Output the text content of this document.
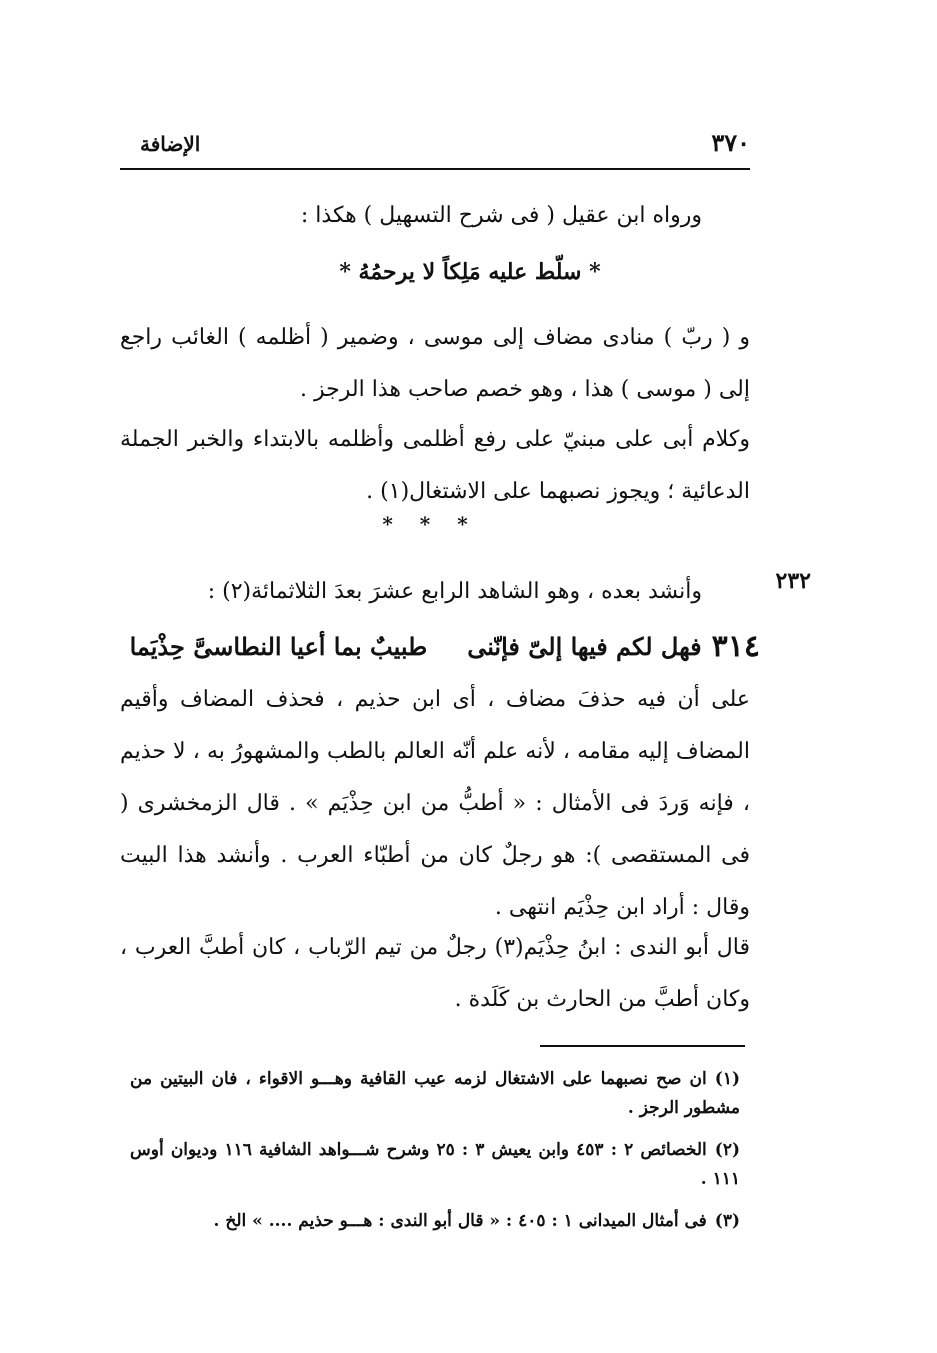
٣٧٠
الإضافة
ورواه ابن عقيل ( فى شرح التسهيل ) هكذا :
* سلّط عليه مَلِكاً لا يرحمُهُ *
و ( ربّ ) منادى مضاف إلى موسى ، وضمير ( أظلمه ) الغائب راجع إلى ( موسى ) هذا ، وهو خصم صاحب هذا الرجز .
وكلام أبى على مبنيّ على رفع أظلمى وأظلمه بالابتداء والخبر الجملة الدعائية ؛ ويجوز نصبهما على الاشتغال(١) .
* * *
٢٣٢
وأنشد بعده ، وهو الشاهد الرابع عشرَ بعدَ الثلاثمائة(٢) :
٣١٤
فهل لكم فيها إلىّ فإنّنى
طبيبٌ بما أعيا النطاسىَّ حِذْيَما
على أن فيه حذفَ مضاف ، أى ابن حذيم ، فحذف المضاف وأقيم المضاف إليه مقامه ، لأنه علم أنّه العالم بالطب والمشهورُ به ، لا حذيم ، فإنه وَردَ فى الأمثال : « أطبُّ من ابن حِذْيَم » . قال الزمخشرى ( فى المستقصى ): هو رجلٌ كان من أطبّاء العرب . وأنشد هذا البيت وقال : أراد ابن حِذْيَم انتهى .
قال أبو الندى : ابنُ حِذْيَم(٣) رجلٌ من تيم الرّباب ، كان أطبَّ العرب ، وكان أطبَّ من الحارث بن كَلَدة .

(١)ان صح نصبهما على الاشتغال لزمه عيب القافية وهـــو الاقواء ، فان البيتين من مشطور الرجز .

(٢)الخصائص ٢ : ٤٥٣ وابن يعيش ٣ : ٢٥ وشرح شـــواهد الشافية ١١٦ وديوان أوس ١١١ .

(٣)فى أمثال الميدانى ١ : ٤٠٥ : « قال أبو الندى : هـــو حذيم .... » الخ .
